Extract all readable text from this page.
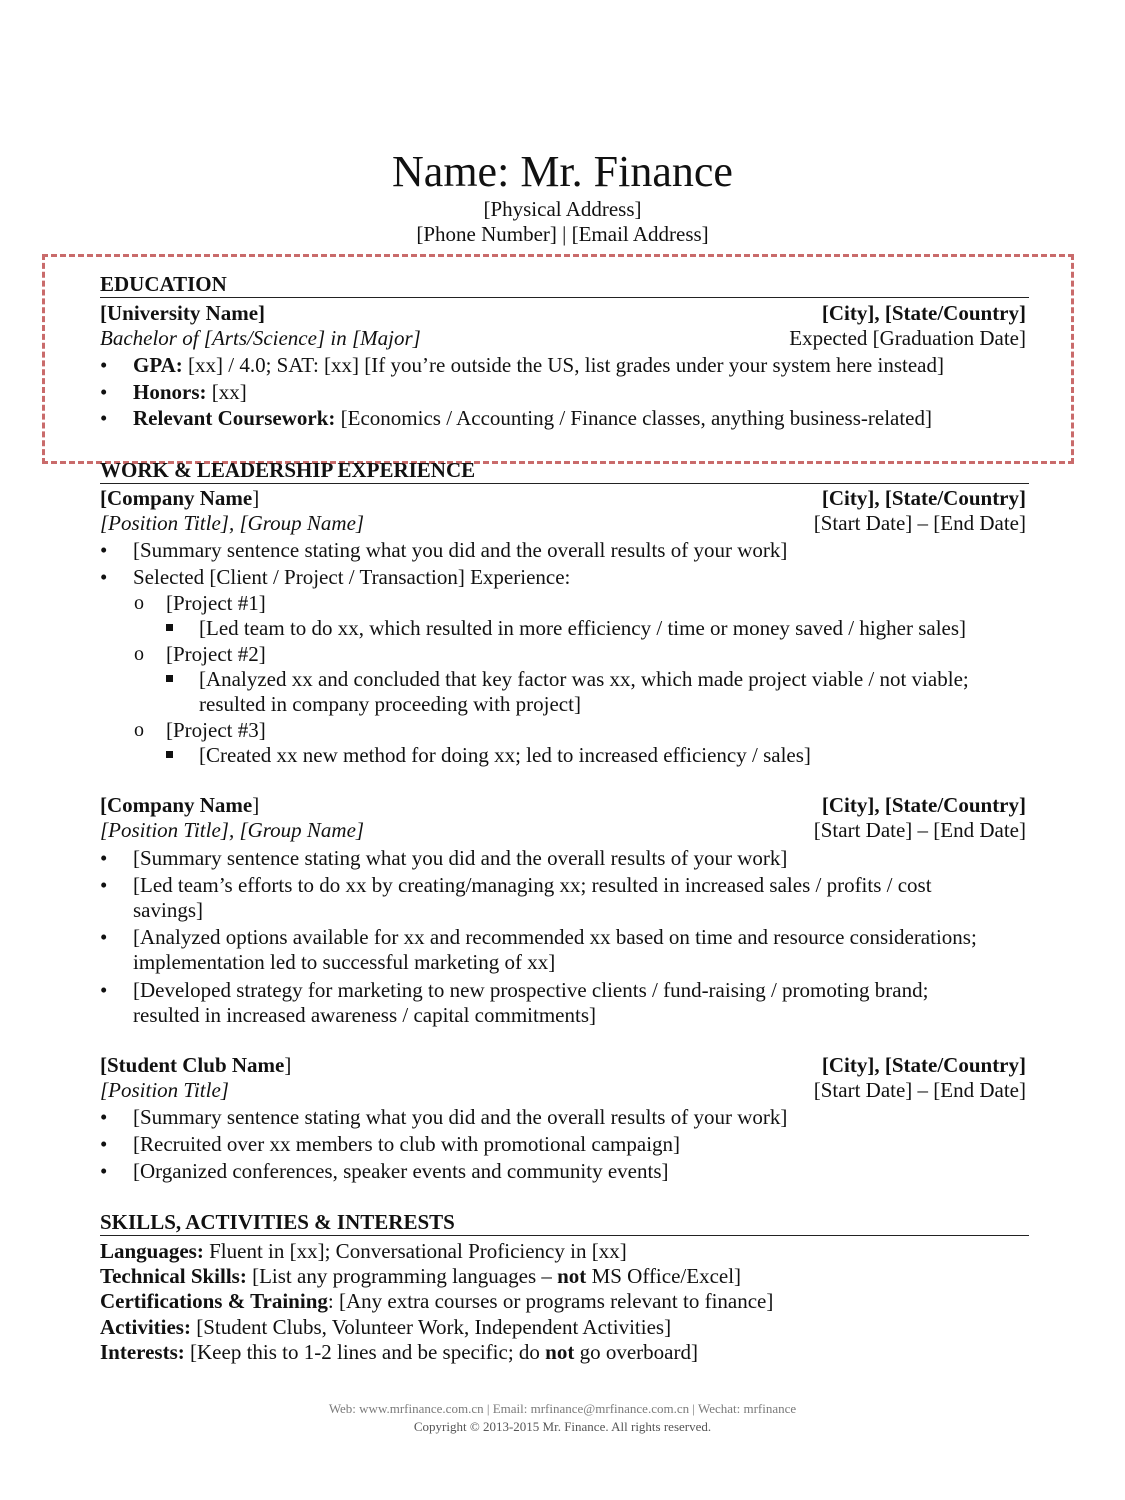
Name: Mr. Finance
[Physical Address]
[Phone Number] | [Email Address]
EDUCATION
[University Name]	[City], [State/Country]
Bachelor of [Arts/Science] in [Major]	Expected [Graduation Date]
• GPA: [xx] / 4.0; SAT: [xx] [If you’re outside the US, list grades under your system here instead]
• Honors: [xx]
• Relevant Coursework: [Economics / Accounting / Finance classes, anything business-related]
WORK & LEADERSHIP EXPERIENCE
[Company Name]	[City], [State/Country]
[Position Title], [Group Name]	[Start Date] – [End Date]
• [Summary sentence stating what you did and the overall results of your work]
• Selected [Client / Project / Transaction] Experience:
o [Project #1]
[Led team to do xx, which resulted in more efficiency / time or money saved / higher sales]
o [Project #2]
[Analyzed xx and concluded that key factor was xx, which made project viable / not viable;
resulted in company proceeding with project]
o [Project #3]
[Created xx new method for doing xx; led to increased efficiency / sales]
[Company Name]	[City], [State/Country]
[Position Title], [Group Name]	[Start Date] – [End Date]
• [Summary sentence stating what you did and the overall results of your work]
• [Led team’s efforts to do xx by creating/managing xx; resulted in increased sales / profits / cost
savings]
• [Analyzed options available for xx and recommended xx based on time and resource considerations;
implementation led to successful marketing of xx]
• [Developed strategy for marketing to new prospective clients / fund-raising / promoting brand;
resulted in increased awareness / capital commitments]
[Student Club Name]	[City], [State/Country]
[Position Title]	[Start Date] – [End Date]
• [Summary sentence stating what you did and the overall results of your work]
• [Recruited over xx members to club with promotional campaign]
• [Organized conferences, speaker events and community events]
SKILLS, ACTIVITIES & INTERESTS
Languages: Fluent in [xx]; Conversational Proficiency in [xx]
Technical Skills: [List any programming languages – not MS Office/Excel]
Certifications & Training: [Any extra courses or programs relevant to finance]
Activities: [Student Clubs, Volunteer Work, Independent Activities]
Interests: [Keep this to 1-2 lines and be specific; do not go overboard]
Web: www.mrfinance.com.cn | Email: mrfinance@mrfinance.com.cn | Wechat: mrfinance
Copyright © 2013-2015 Mr. Finance. All rights reserved.
